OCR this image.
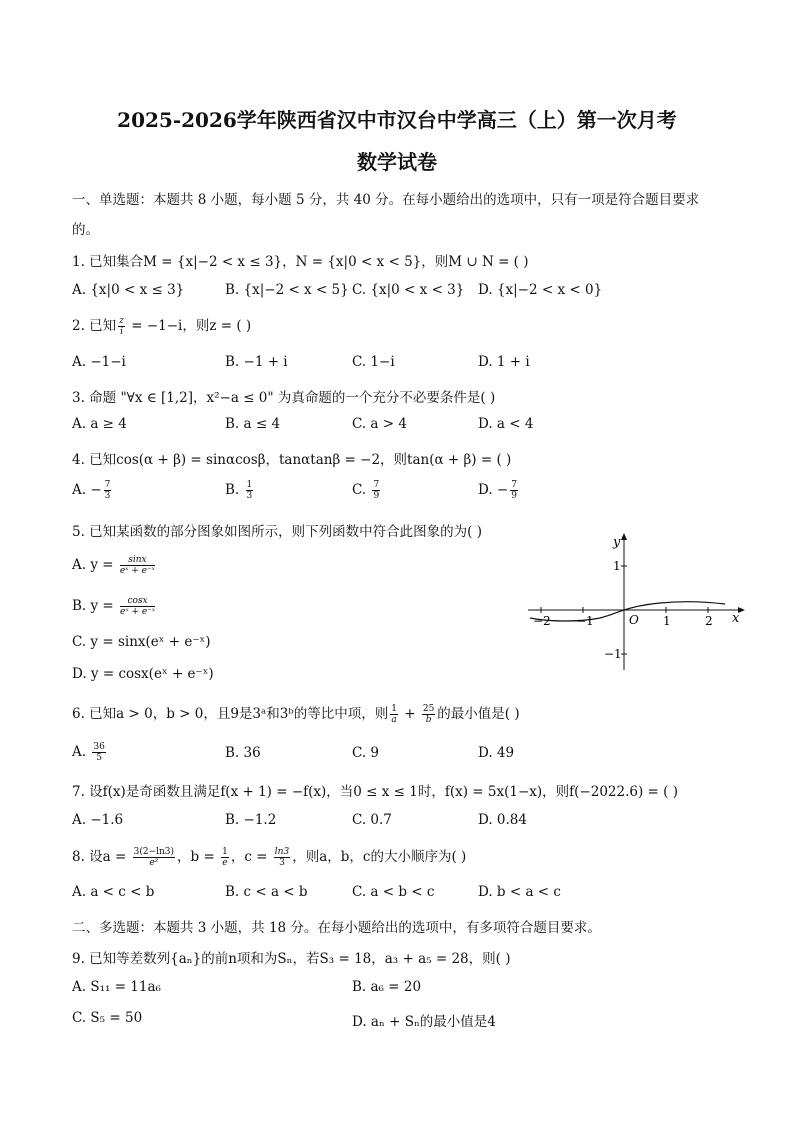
2025-2026学年陕西省汉中市汉台中学高三（上）第一次月考
数学试卷
一、单选题：本题共 8 小题，每小题 5 分，共 40 分。在每小题给出的选项中，只有一项是符合题目要求
的。
1. 已知集合M = {x|−2 < x ≤ 3}，N = {x|0 < x < 5}，则M ∪ N = ( )
A. {x|0 < x ≤ 3}	B. {x|−2 < x < 5} C. {x|0 < x < 3} D. {x|−2 < x < 0}
2. 已知 $\frac{z}{i} = -1-i$，则z = ( )
A. −1−i	B. −1 + i	C. 1−i	D. 1 + i
3. 命题 "∀x ∈ [1,2]，x²−a ≤ 0" 为真命题的一个充分不必要条件是( )
A. a ≥ 4	B. a ≤ 4	C. a > 4	D. a < 4
4. 已知cos(α + β) = sinαcosβ，tanαtanβ = −2，则tan(α + β) = ( )
A. − $\frac{7}{3}$	B. $\frac{1}{3}$	C. $\frac{7}{9}$	D. − $\frac{7}{9}$
5. 已知某函数的部分图象如图所示，则下列函数中符合此图象的为( )
A. $y = \frac{\sin x}{\text{eˣ + e⁻ˣ}}$
B. $y = \frac{\cos x}{\text{eˣ + e⁻ˣ}}$
C. y = sinx(eˣ + e⁻ˣ)
D. y = cosx(eˣ + e⁻ˣ)
y
x
O
1
−1
−2 −1	1	2
6. 已知a > 0，b > 0，且9是3ᵃ和3ᵇ的等比中项，则 $\frac{1}{a} + \frac{25}{b}$ 的最小值是( )
A. $\frac{36}{5}$	B. 36	C. 9	D. 49
7. 设f(x)是奇函数且满足f(x + 1) = −f(x)，当0 ≤ x ≤ 1时，f(x) = 5x(1−x)，则f(−2022.6) = ( )
A. −1.6	B. −1.2	C. 0.7	D. 0.84
8. 设$a = \frac{3(2-\ln 3)}{\text{e²}}$ ，$b = \frac{1}{e}$ ，$c = \frac{\ln 3}{3}$ ，则a，b，c的大小顺序为( )
A. a < c < b	B. c < a < b	C. a < b < c	D. b < a < c
二、多选题：本题共 3 小题，共 18 分。在每小题给出的选项中，有多项符合题目要求。
9. 已知等差数列{aₙ}的前n项和为Sₙ，若S₃ = 18，a₃ + a₅ = 28，则( )
A. S₁₁ = 11a₆	B. a₆ = 20
C. S₅ = 50	D. aₙ + Sₙ的最小值是4
